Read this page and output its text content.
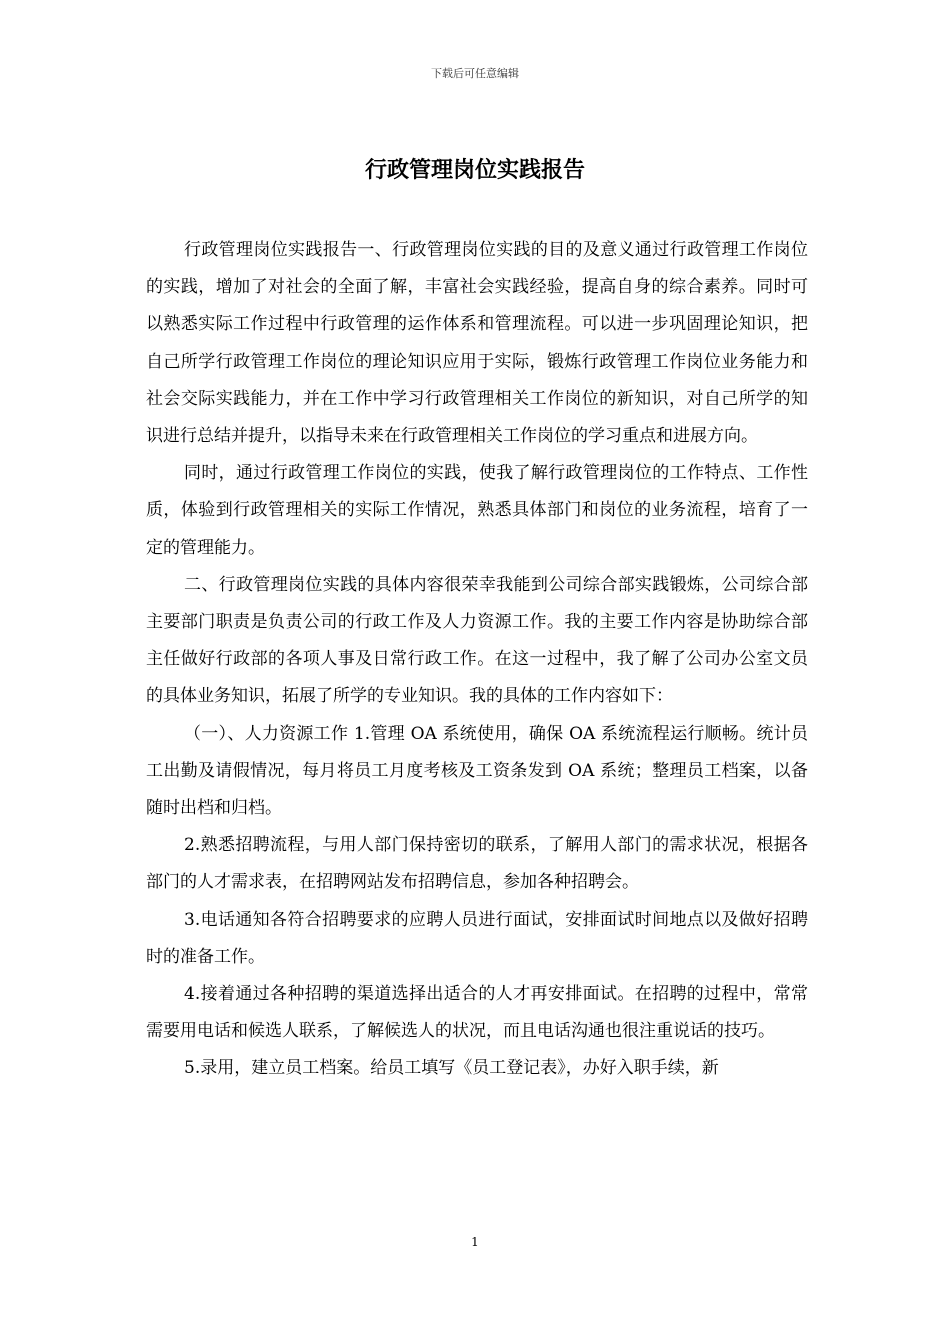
下载后可任意编辑
行政管理岗位实践报告

行政管理岗位实践报告一、行政管理岗位实践的目的及意义通过行政管理工作岗位的实践，增加了对社会的全面了解，丰富社会实践经验，提高自身的综合素养。同时可以熟悉实际工作过程中行政管理的运作体系和管理流程。可以进一步巩固理论知识，把自己所学行政管理工作岗位的理论知识应用于实际，锻炼行政管理工作岗位业务能力和社会交际实践能力，并在工作中学习行政管理相关工作岗位的新知识，对自己所学的知识进行总结并提升，以指导未来在行政管理相关工作岗位的学习重点和进展方向。

同时，通过行政管理工作岗位的实践，使我了解行政管理岗位的工作特点、工作性质，体验到行政管理相关的实际工作情况，熟悉具体部门和岗位的业务流程，培育了一定的管理能力。

二、行政管理岗位实践的具体内容很荣幸我能到公司综合部实践锻炼，公司综合部主要部门职责是负责公司的行政工作及人力资源工作。我的主要工作内容是协助综合部主任做好行政部的各项人事及日常行政工作。在这一过程中，我了解了公司办公室文员的具体业务知识，拓展了所学的专业知识。我的具体的工作内容如下：

（一）、人力资源工作 1.管理 OA 系统使用，确保 OA 系统流程运行顺畅。统计员工出勤及请假情况，每月将员工月度考核及工资条发到 OA 系统；整理员工档案，以备随时出档和归档。

2.熟悉招聘流程，与用人部门保持密切的联系，了解用人部门的需求状况，根据各部门的人才需求表，在招聘网站发布招聘信息，参加各种招聘会。

3.电话通知各符合招聘要求的应聘人员进行面试，安排面试时间地点以及做好招聘时的准备工作。

4.接着通过各种招聘的渠道选择出适合的人才再安排面试。在招聘的过程中，常常需要用电话和候选人联系，了解候选人的状况，而且电话沟通也很注重说话的技巧。

5.录用，建立员工档案。给员工填写《员工登记表》，办好入职手续，新

1
